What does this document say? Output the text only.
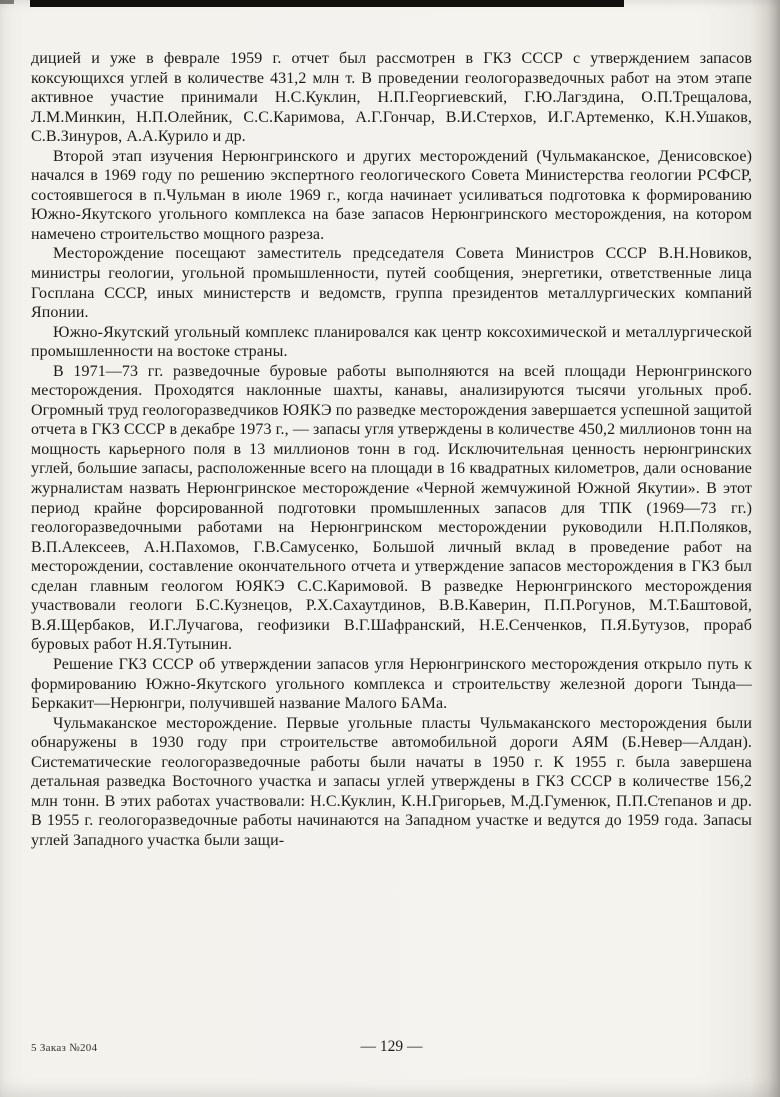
дицией и уже в феврале 1959 г. отчет был рассмотрен в ГКЗ СССР с утверждением запасов коксующихся углей в количестве 431,2 млн т. В проведении геологоразведочных работ на этом этапе активное участие принимали Н.С.Куклин, Н.П.Георгиевский, Г.Ю.Лагздина, О.П.Трещалова, Л.М.Минкин, Н.П.Олейник, С.С.Каримова, А.Г.Гончар, В.И.Стерхов, И.Г.Артеменко, К.Н.Ушаков, С.В.Зинуров, А.А.Курило и др.

Второй этап изучения Нерюнгринского и других месторождений (Чульмаканское, Денисовское) начался в 1969 году по решению экспертного геологического Совета Министерства геологии РСФСР, состоявшегося в п.Чульман в июле 1969 г., когда начинает усиливаться подготовка к формированию Южно-Якутского угольного комплекса на базе запасов Нерюнгринского месторождения, на котором намечено строительство мощного разреза.

Месторождение посещают заместитель председателя Совета Министров СССР В.Н.Новиков, министры геологии, угольной промышленности, путей сообщения, энергетики, ответственные лица Госплана СССР, иных министерств и ведомств, группа президентов металлургических компаний Японии.

Южно-Якутский угольный комплекс планировался как центр коксохимической и металлургической промышленности на востоке страны.

В 1971—73 гг. разведочные буровые работы выполняются на всей площади Нерюнгринского месторождения. Проходятся наклонные шахты, канавы, анализируются тысячи угольных проб. Огромный труд геологоразведчиков ЮЯКЭ по разведке месторождения завершается успешной защитой отчета в ГКЗ СССР в декабре 1973 г., — запасы угля утверждены в количестве 450,2 миллионов тонн на мощность карьерного поля в 13 миллионов тонн в год. Исключительная ценность нерюнгринских углей, большие запасы, расположенные всего на площади в 16 квадратных километров, дали основание журналистам назвать Нерюнгринское месторождение «Черной жемчужиной Южной Якутии». В этот период крайне форсированной подготовки промышленных запасов для ТПК (1969—73 гг.) геологоразведочными работами на Нерюнгринском месторождении руководили Н.П.Поляков, В.П.Алексеев, А.Н.Пахомов, Г.В.Самусенко, Большой личный вклад в проведение работ на месторождении, составление окончательного отчета и утверждение запасов месторождения в ГКЗ был сделан главным геологом ЮЯКЭ С.С.Каримовой. В разведке Нерюнгринского месторождения участвовали геологи Б.С.Кузнецов, Р.Х.Сахаутдинов, В.В.Каверин, П.П.Рогунов, М.Т.Баштовой, В.Я.Щербаков, И.Г.Лучагова, геофизики В.Г.Шафранский, Н.Е.Сенченков, П.Я.Бутузов, прораб буровых работ Н.Я.Тутынин.

Решение ГКЗ СССР об утверждении запасов угля Нерюнгринского месторождения открыло путь к формированию Южно-Якутского угольного комплекса и строительству железной дороги Тында—Беркакит—Нерюнгри, получившей название Малого БАМа.

Чульмаканское месторождение. Первые угольные пласты Чульмаканского месторождения были обнаружены в 1930 году при строительстве автомобильной дороги АЯМ (Б.Невер—Алдан). Систематические геологоразведочные работы были начаты в 1950 г. К 1955 г. была завершена детальная разведка Восточного участка и запасы углей утверждены в ГКЗ СССР в количестве 156,2 млн тонн. В этих работах участвовали: Н.С.Куклин, К.Н.Григорьев, М.Д.Гуменюк, П.П.Степанов и др. В 1955 г. геологоразведочные работы начинаются на Западном участке и ведутся до 1959 года. Запасы углей Западного участка были защи-

5 Заказ №204	— 129 —
